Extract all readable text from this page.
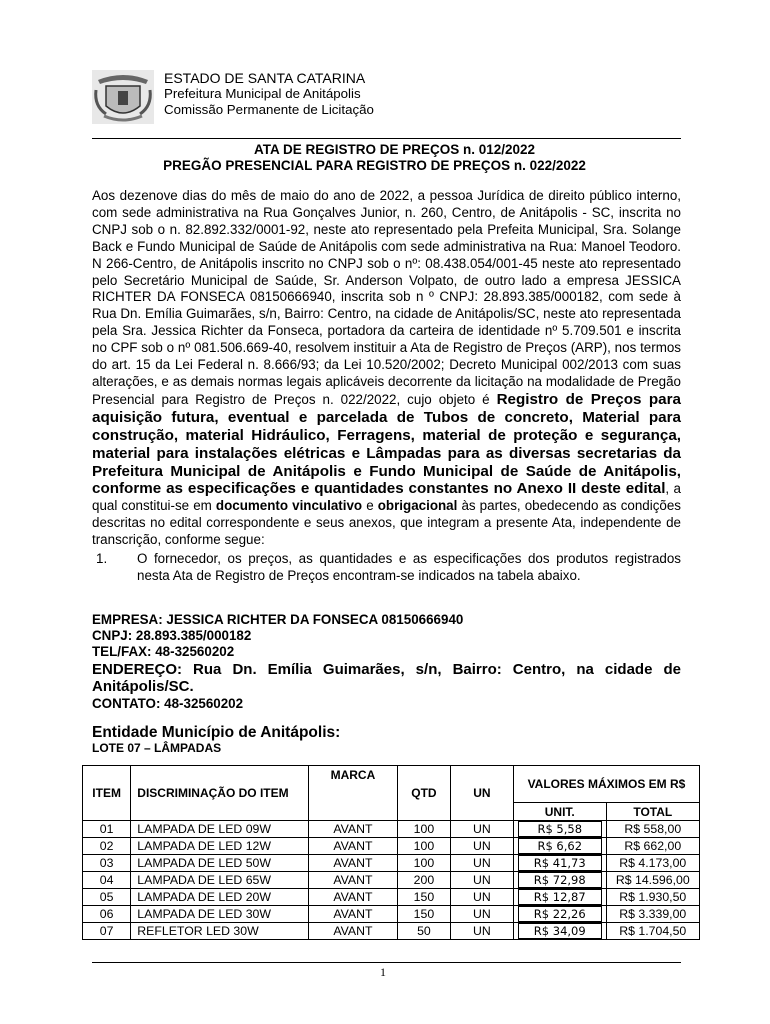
ESTADO DE SANTA CATARINA
Prefeitura Municipal de Anitápolis
Comissão Permanente de Licitação
ATA DE REGISTRO DE PREÇOS n. 012/2022
PREGÃO PRESENCIAL PARA REGISTRO DE PREÇOS n. 022/2022
Aos dezenove dias do mês de maio do ano de 2022, a pessoa Jurídica de direito público interno, com sede administrativa na Rua Gonçalves Junior, n. 260, Centro, de Anitápolis - SC, inscrita no CNPJ sob o n. 82.892.332/0001-92, neste ato representado pela Prefeita Municipal, Sra. Solange Back e Fundo Municipal de Saúde de Anitápolis com sede administrativa na Rua: Manoel Teodoro. N 266-Centro, de Anitápolis inscrito no CNPJ sob o nº: 08.438.054/001-45 neste ato representado pelo Secretário Municipal de Saúde, Sr. Anderson Volpato, de outro lado a empresa JESSICA RICHTER DA FONSECA 08150666940, inscrita sob n º CNPJ: 28.893.385/000182, com sede à Rua Dn. Emília Guimarães, s/n, Bairro: Centro, na cidade de Anitápolis/SC, neste ato representada pela Sra. Jessica Richter da Fonseca, portadora da carteira de identidade nº 5.709.501 e inscrita no CPF sob o nº 081.506.669-40, resolvem instituir a Ata de Registro de Preços (ARP), nos termos do art. 15 da Lei Federal n. 8.666/93; da Lei 10.520/2002; Decreto Municipal 002/2013 com suas alterações, e as demais normas legais aplicáveis decorrente da licitação na modalidade de Pregão Presencial para Registro de Preços n. 022/2022, cujo objeto é Registro de Preços para aquisição futura, eventual e parcelada de Tubos de concreto, Material para construção, material Hidráulico, Ferragens, material de proteção e segurança, material para instalações elétricas e Lâmpadas para as diversas secretarias da Prefeitura Municipal de Anitápolis e Fundo Municipal de Saúde de Anitápolis, conforme as especificações e quantidades constantes no Anexo II deste edital, a qual constitui-se em documento vinculativo e obrigacional às partes, obedecendo as condições descritas no edital correspondente e seus anexos, que integram a presente Ata, independente de transcrição, conforme segue:
1. O fornecedor, os preços, as quantidades e as especificações dos produtos registrados nesta Ata de Registro de Preços encontram-se indicados na tabela abaixo.
EMPRESA: JESSICA RICHTER DA FONSECA 08150666940
CNPJ: 28.893.385/000182
TEL/FAX: 48-32560202
ENDEREÇO: Rua Dn. Emília Guimarães, s/n, Bairro: Centro, na cidade de Anitápolis/SC.
CONTATO: 48-32560202
Entidade Município de Anitápolis:
LOTE 07 – LÂMPADAS
ITEM	DISCRIMINAÇÃO DO ITEM	MARCA	QTD	UN	VALORES MÁXIMOS EM R$	
					UNIT.	TOTAL
01	LAMPADA DE LED 09W	AVANT	100	UN	R$ 5,58	R$ 558,00
02	LAMPADA DE LED 12W	AVANT	100	UN	R$ 6,62	R$ 662,00
03	LAMPADA DE LED 50W	AVANT	100	UN	R$ 41,73	R$ 4.173,00
04	LAMPADA DE LED 65W	AVANT	200	UN	R$ 72,98	R$ 14.596,00
05	LAMPADA DE LED 20W	AVANT	150	UN	R$ 12,87	R$ 1.930,50
06	LAMPADA DE LED 30W	AVANT	150	UN	R$ 22,26	R$ 3.339,00
07	REFLETOR LED 30W	AVANT	50	UN	R$ 34,09	R$ 1.704,50
1
